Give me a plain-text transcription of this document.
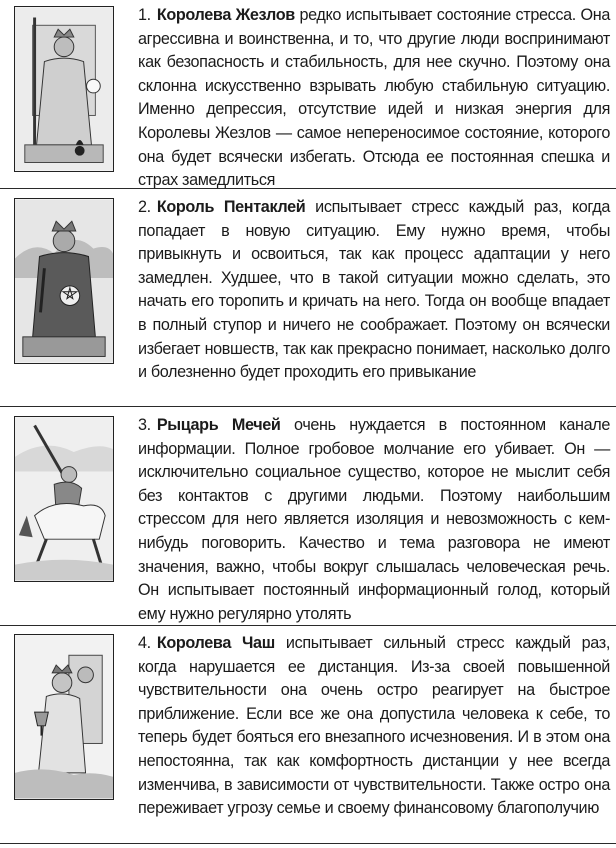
1. Королева Жезлов редко испытывает состояние стресса. Она агрессивна и воинственна, и то, что другие люди воспринимают как безопасность и стабильность, для нее скучно. Поэтому она склонна искусственно взрывать любую стабильную ситуацию. Именно депрессия, отсутствие идей и низкая энергия для Королевы Жезлов — самое непереносимое состояние, которого она будет всячески избегать. Отсюда ее постоянная спешка и страх замедлиться

2. Король Пентаклей испытывает стресс каждый раз, когда попадает в новую ситуацию. Ему нужно время, чтобы привыкнуть и освоиться, так как процесс адаптации у него замедлен. Худшее, что в такой ситуации можно сделать, это начать его торопить и кричать на него. Тогда он вообще впадает в полный ступор и ничего не соображает. Поэтому он всячески избегает новшеств, так как прекрасно понимает, насколько долго и болезненно будет проходить его привыкание

3. Рыцарь Мечей очень нуждается в постоянном канале информации. Полное гробовое молчание его убивает. Он — исключительно социальное существо, которое не мыслит себя без контактов с другими людьми. Поэтому наибольшим стрессом для него является изоляция и невозможность с кем-нибудь поговорить. Качество и тема разговора не имеют значения, важно, чтобы вокруг слышалась человеческая речь. Он испытывает постоянный информационный голод, который ему нужно регулярно утолять

4. Королева Чаш испытывает сильный стресс каждый раз, когда нарушается ее дистанция. Из-за своей повышенной чувствительности она очень остро реагирует на быстрое приближение. Если все же она допустила человека к себе, то теперь будет бояться его внезапного исчезновения. И в этом она непостоянна, так как комфортность дистанции у нее всегда изменчива, в зависимости от чувствительности. Также остро она переживает угрозу семье и своему финансовому благополучию
